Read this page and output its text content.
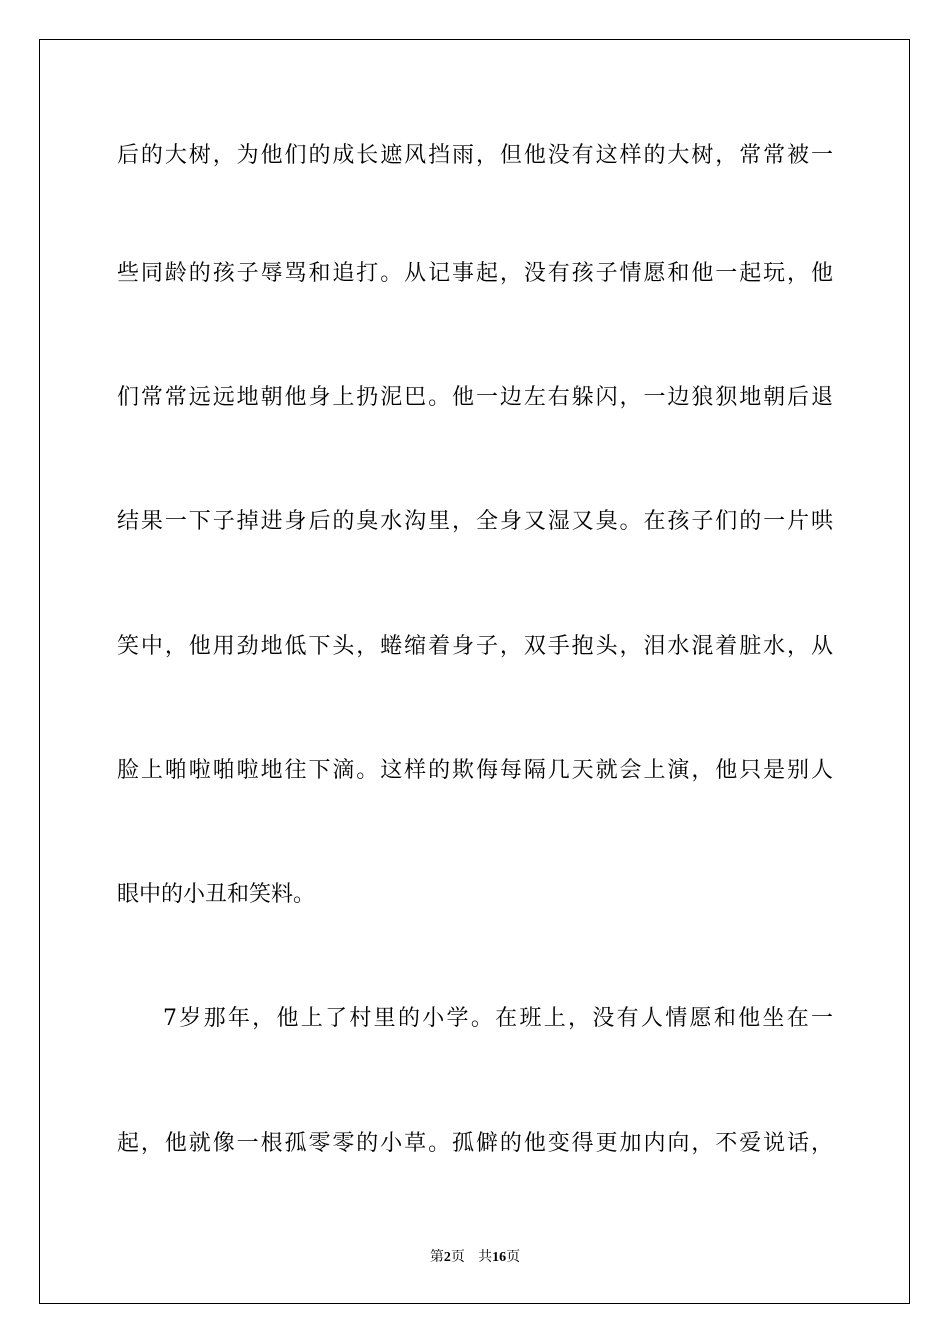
后的大树，为他们的成长遮风挡雨，但他没有这样的大树，常常被一
些同龄的孩子辱骂和追打。从记事起，没有孩子情愿和他一起玩，他
们常常远远地朝他身上扔泥巴。他一边左右躲闪，一边狼狈地朝后退
结果一下子掉进身后的臭水沟里，全身又湿又臭。在孩子们的一片哄
笑中，他用劲地低下头，蜷缩着身子，双手抱头，泪水混着脏水，从
脸上啪啦啪啦地往下滴。这样的欺侮每隔几天就会上演，他只是别人
眼中的小丑和笑料。
7岁那年，他上了村里的小学。在班上，没有人情愿和他坐在一
起，他就像一根孤零零的小草。孤僻的他变得更加内向，不爱说话，
第2页 共16页
